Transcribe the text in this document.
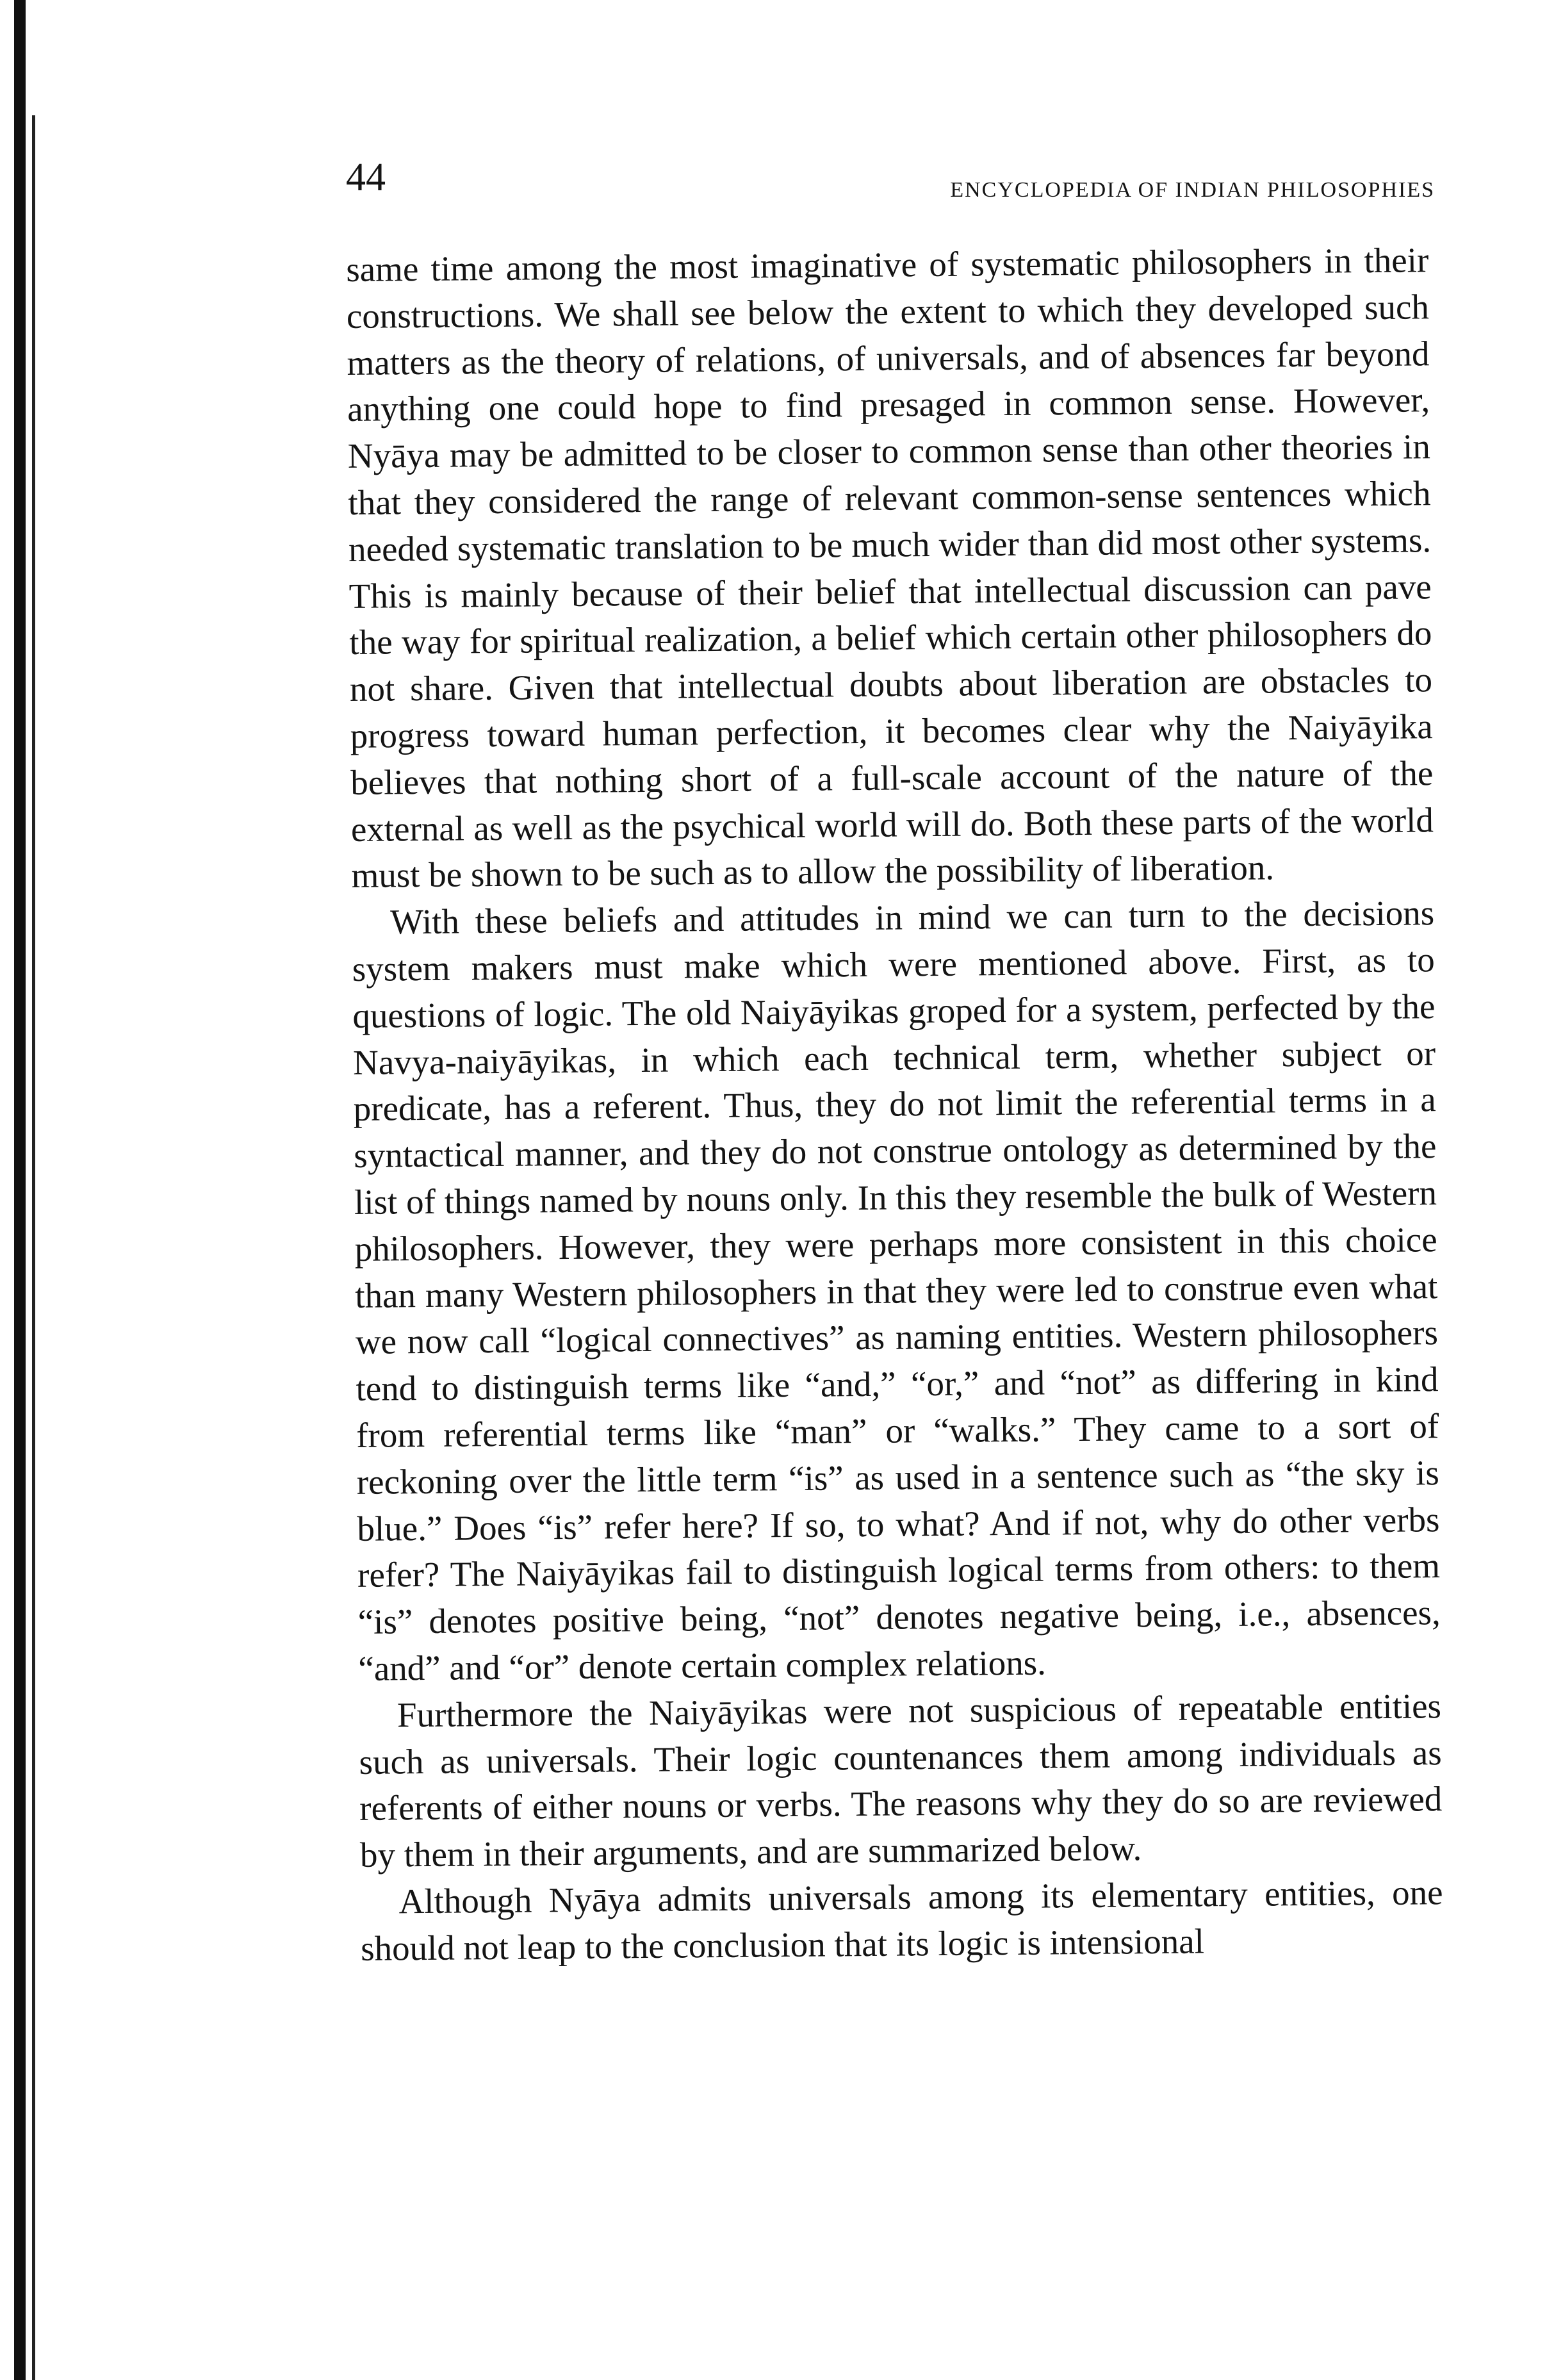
44	ENCYCLOPEDIA OF INDIAN PHILOSOPHIES

same time among the most imaginative of systematic philosophers in their constructions. We shall see below the extent to which they developed such matters as the theory of relations, of universals, and of absences far beyond anything one could hope to find presaged in common sense. However, Nyāya may be admitted to be closer to common sense than other theories in that they considered the range of relevant common-sense sentences which needed systematic translation to be much wider than did most other systems. This is mainly because of their belief that intellectual discussion can pave the way for spiritual realization, a belief which certain other philosophers do not share. Given that intellectual doubts about liberation are obstacles to progress toward human perfection, it becomes clear why the Naiyāyika believes that nothing short of a full-scale account of the nature of the external as well as the psychical world will do. Both these parts of the world must be shown to be such as to allow the possibility of liberation.

With these beliefs and attitudes in mind we can turn to the decisions system makers must make which were mentioned above. First, as to questions of logic. The old Naiyāyikas groped for a system, perfected by the Navya-naiyāyikas, in which each technical term, whether subject or predicate, has a referent. Thus, they do not limit the referential terms in a syntactical manner, and they do not construe ontology as determined by the list of things named by nouns only. In this they resemble the bulk of Western philosophers. However, they were perhaps more consistent in this choice than many Western philosophers in that they were led to construe even what we now call “logical connectives” as naming entities. Western philosophers tend to distinguish terms like “and,” “or,” and “not” as differing in kind from referential terms like “man” or “walks.” They came to a sort of reckoning over the little term “is” as used in a sentence such as “the sky is blue.” Does “is” refer here? If so, to what? And if not, why do other verbs refer? The Naiyāyikas fail to distinguish logical terms from others: to them “is” denotes positive being, “not” denotes negative being, i.e., absences, “and” and “or” denote certain complex relations.

Furthermore the Naiyāyikas were not suspicious of repeatable entities such as universals. Their logic countenances them among individuals as referents of either nouns or verbs. The reasons why they do so are reviewed by them in their arguments, and are summarized below.

Although Nyāya admits universals among its elementary entities, one should not leap to the conclusion that its logic is intensional
